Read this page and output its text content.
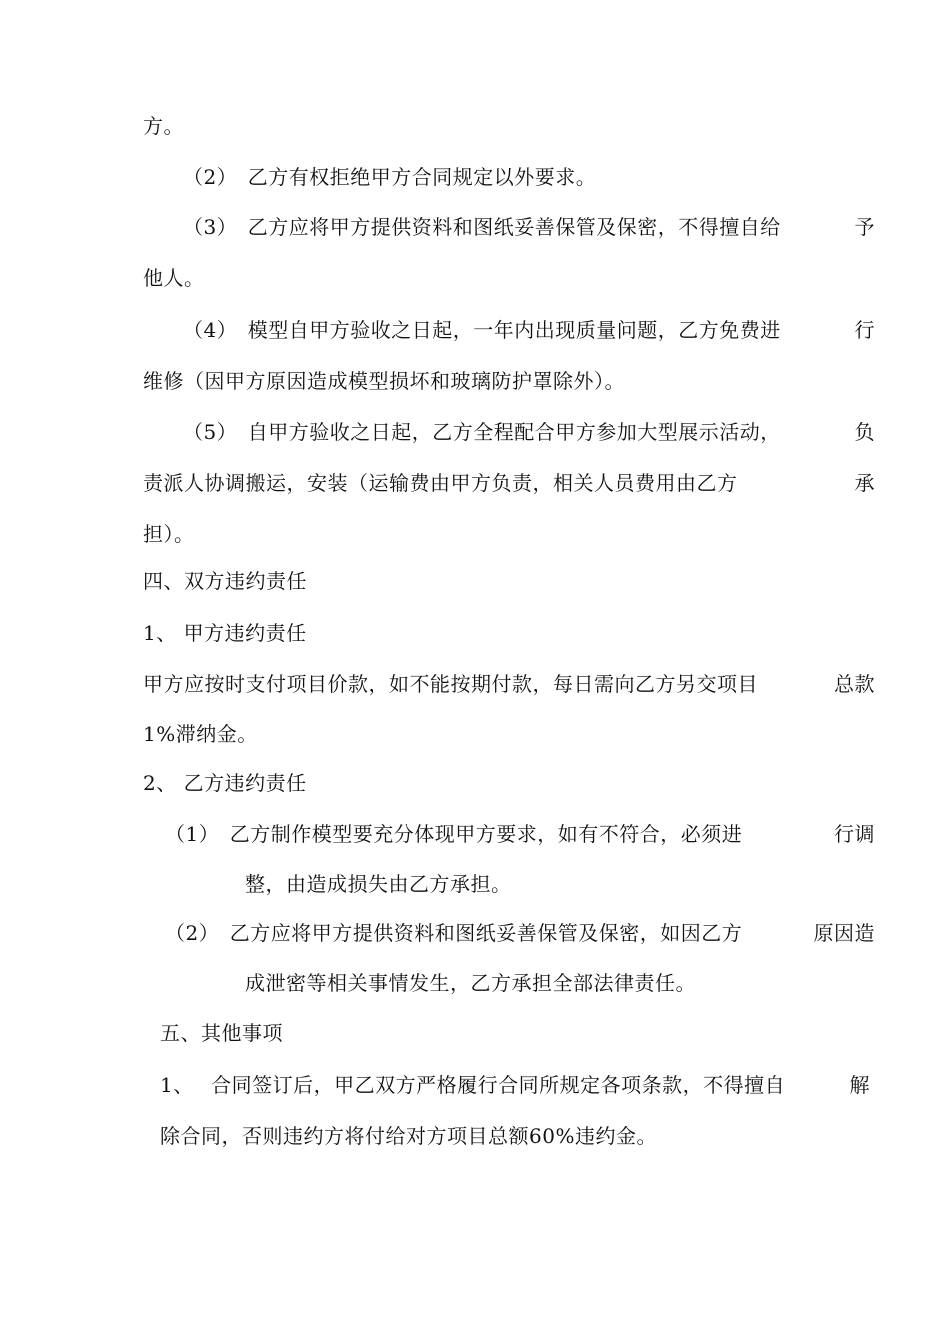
方。
（2）　乙方有权拒绝甲方合同规定以外要求。
（3）　乙方应将甲方提供资料和图纸妥善保管及保密，不得擅自给	予
他人。
（4）　模型自甲方验收之日起，一年内出现质量问题，乙方免费进	行
维修（因甲方原因造成模型损坏和玻璃防护罩除外）。
（5）　自甲方验收之日起，乙方全程配合甲方参加大型展示活动，	负
责派人协调搬运，安装（运输费由甲方负责，相关人员费用由乙方	承
担）。
四、双方违约责任
1、 甲方违约责任
甲方应按时支付项目价款，如不能按期付款，每日需向乙方另交项目	总款
1%滞纳金。
2、 乙方违约责任
（1）　乙方制作模型要充分体现甲方要求，如有不符合，必须进	行调
整，由造成损失由乙方承担。
（2）　乙方应将甲方提供资料和图纸妥善保管及保密，如因乙方	原因造
成泄密等相关事情发生，乙方承担全部法律责任。
五、其他事项
1、　 合同签订后，甲乙双方严格履行合同所规定各项条款，不得擅自	解
除合同，否则违约方将付给对方项目总额60%违约金。
